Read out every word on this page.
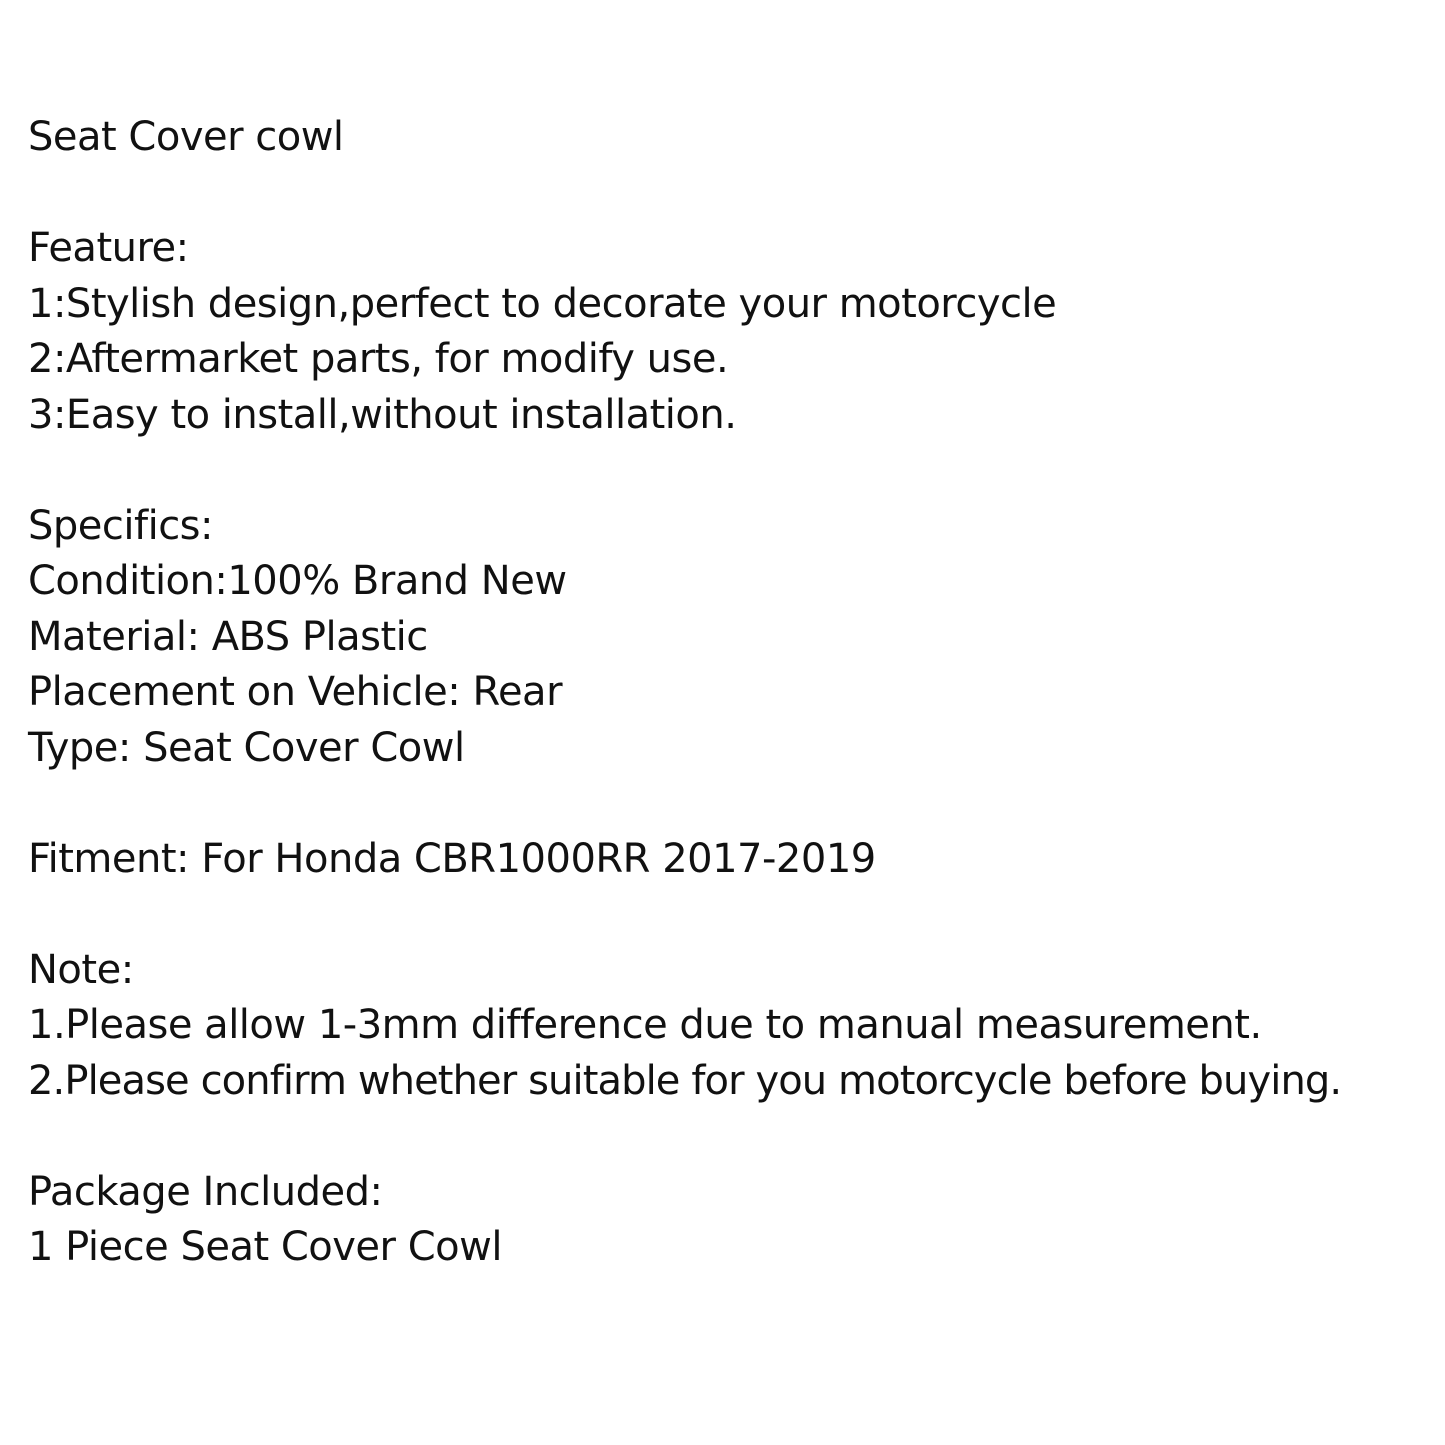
Seat Cover cowl
Feature:
1:Stylish design,perfect to decorate your motorcycle
2:Aftermarket parts, for modify use.
3:Easy to install,without installation.
Specifics:
Condition:100% Brand New
Material: ABS Plastic
Placement on Vehicle: Rear
Type: Seat Cover Cowl
Fitment: For Honda CBR1000RR 2017-2019
Note:
1.Please allow 1-3mm difference due to manual measurement.
2.Please confirm whether suitable for you motorcycle before buying.
Package Included:
1 Piece Seat Cover Cowl
